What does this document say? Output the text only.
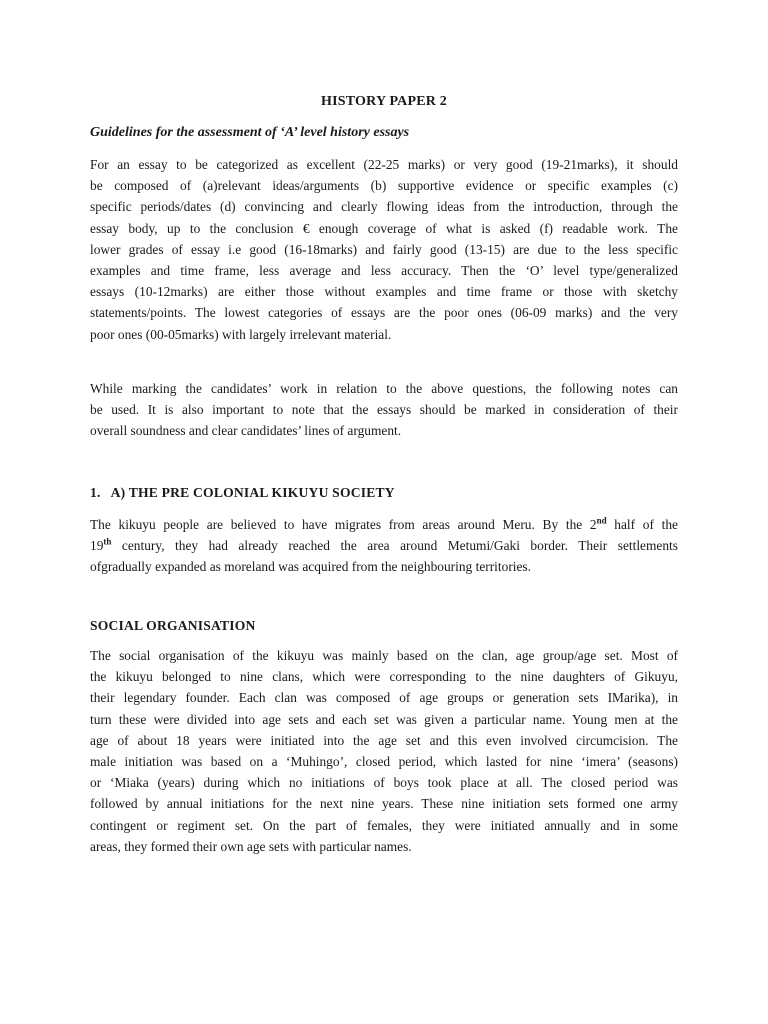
HISTORY PAPER 2
Guidelines for the assessment of ‘A’ level history essays
For an essay to be categorized as excellent (22-25 marks) or very good (19-21marks), it should
be composed of (a)relevant ideas/arguments (b) supportive evidence or specific examples (c)
specific periods/dates (d) convincing and clearly flowing ideas from the introduction, through the
essay body, up to the conclusion € enough coverage of what is asked (f) readable work. The
lower grades of essay i.e good (16-18marks) and fairly good (13-15) are due to the less specific
examples and time frame, less average and less accuracy. Then the ‘O’ level type/generalized
essays (10-12marks) are either those without examples and time frame or those with sketchy
statements/points. The lowest categories of essays are the poor ones (06-09 marks) and the very
poor ones (00-05marks) with largely irrelevant material.
While marking the candidates’ work in relation to the above questions, the following notes can
be used. It is also important to note that the essays should be marked in consideration of their
overall soundness and clear candidates’ lines of argument.
1.   A) THE PRE COLONIAL KIKUYU SOCIETY
The kikuyu people are believed to have migrates from areas around Meru. By the 2nd half of the
19th century, they had already reached the area around Metumi/Gaki border. Their settlements
ofgradually expanded as moreland was acquired from the neighbouring territories.
SOCIAL ORGANISATION
The social organisation of the kikuyu was mainly based on the clan, age group/age set. Most of
the kikuyu belonged to nine clans, which were corresponding to the nine daughters of Gikuyu,
their legendary founder. Each clan was composed of age groups or generation sets IMarika), in
turn these were divided into age sets and each set was given a particular name. Young men at the
age of about 18 years were initiated into the age set and this even involved circumcision. The
male initiation was based on a ‘Muhingo’, closed period, which lasted for nine ‘imera’ (seasons)
or ‘Miaka (years) during which no initiations of boys took place at all. The closed period was
followed by annual initiations for the next nine years. These nine initiation sets formed one army
contingent or regiment set. On the part of females, they were initiated annually and in some
areas, they formed their own age sets with particular names.
